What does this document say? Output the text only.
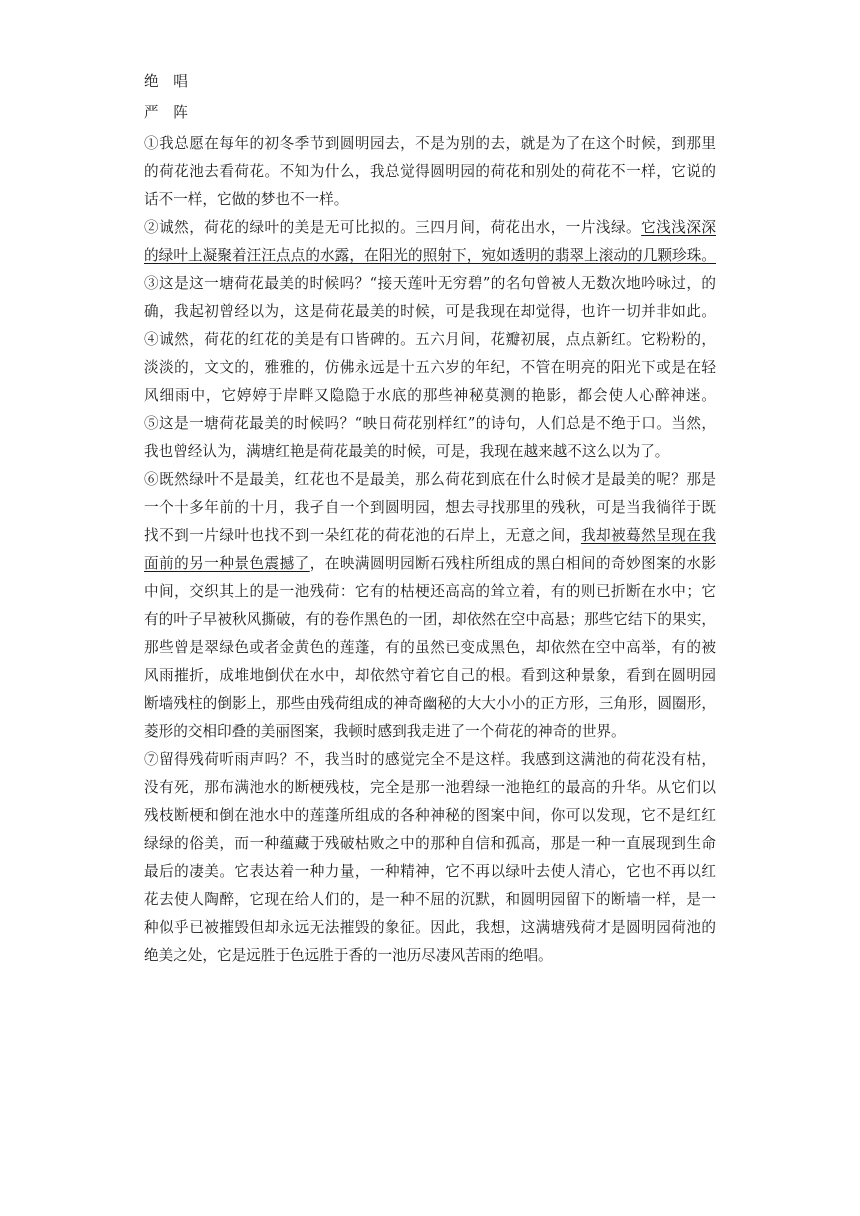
绝 唱
严 阵
①我总愿在每年的初冬季节到圆明园去，不是为别的去，就是为了在这个时候，到那里
的荷花池去看荷花。不知为什么，我总觉得圆明园的荷花和别处的荷花不一样，它说的
话不一样，它做的梦也不一样。
②诚然，荷花的绿叶的美是无可比拟的。三四月间，荷花出水，一片浅绿。它浅浅深深
的绿叶上凝聚着汪汪点点的水露，在阳光的照射下，宛如透明的翡翠上滚动的几颗珍珠。
③这是这一塘荷花最美的时候吗？“接天莲叶无穷碧”的名句曾被人无数次地吟咏过，的
确，我起初曾经以为，这是荷花最美的时候，可是我现在却觉得，也许一切并非如此。
④诚然，荷花的红花的美是有口皆碑的。五六月间，花瓣初展，点点新红。它粉粉的，
淡淡的，文文的，雅雅的，仿佛永远是十五六岁的年纪，不管在明亮的阳光下或是在轻
风细雨中，它婷婷于岸畔又隐隐于水底的那些神秘莫测的艳影，都会使人心醉神迷。
⑤这是一塘荷花最美的时候吗？“映日荷花别样红”的诗句，人们总是不绝于口。当然，
我也曾经认为，满塘红艳是荷花最美的时候，可是，我现在越来越不这么以为了。
⑥既然绿叶不是最美，红花也不是最美，那么荷花到底在什么时候才是最美的呢？那是
一个十多年前的十月，我孑自一个到圆明园，想去寻找那里的残秋，可是当我徜徉于既
找不到一片绿叶也找不到一朵红花的荷花池的石岸上，无意之间，我却被蓦然呈现在我
面前的另一种景色震撼了，在映满圆明园断石残柱所组成的黑白相间的奇妙图案的水影
中间，交织其上的是一池残荷：它有的枯梗还高高的耸立着，有的则已折断在水中；它
有的叶子早被秋风撕破，有的卷作黑色的一团，却依然在空中高悬；那些它结下的果实，
那些曾是翠绿色或者金黄色的莲蓬，有的虽然已变成黑色，却依然在空中高举，有的被
风雨摧折，成堆地倒伏在水中，却依然守着它自己的根。看到这种景象，看到在圆明园
断墙残柱的倒影上，那些由残荷组成的神奇幽秘的大大小小的正方形，三角形，圆圈形，
菱形的交相印叠的美丽图案，我顿时感到我走进了一个荷花的神奇的世界。
⑦留得残荷听雨声吗？不，我当时的感觉完全不是这样。我感到这满池的荷花没有枯，
没有死，那布满池水的断梗残枝，完全是那一池碧绿一池艳红的最高的升华。从它们以
残枝断梗和倒在池水中的莲蓬所组成的各种神秘的图案中间，你可以发现，它不是红红
绿绿的俗美，而一种蕴藏于残破枯败之中的那种自信和孤高，那是一种一直展现到生命
最后的凄美。它表达着一种力量，一种精神，它不再以绿叶去使人清心，它也不再以红
花去使人陶醉，它现在给人们的，是一种不屈的沉默，和圆明园留下的断墙一样，是一
种似乎已被摧毁但却永远无法摧毁的象征。因此，我想，这满塘残荷才是圆明园荷池的
绝美之处，它是远胜于色远胜于香的一池历尽凄风苦雨的绝唱。
